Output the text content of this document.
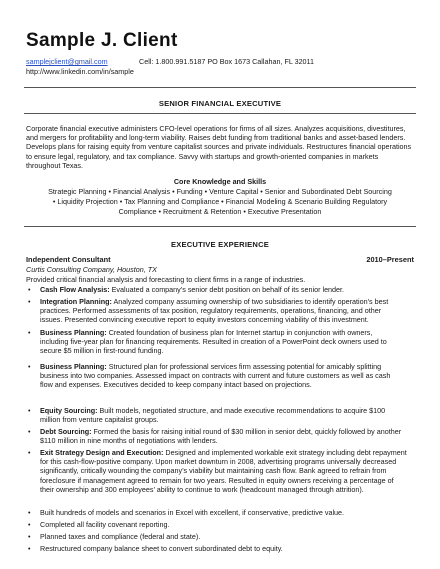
Sample J. Client
samplejclient@gmail.com	Cell: 1.800.991.5187 PO Box 1673 Callahan, FL 32011
http://www.linkedin.com/in/sample
SENIOR FINANCIAL EXECUTIVE
Corporate financial executive administers CFO-level operations for firms of all sizes. Analyzes acquisitions, divestitures,
and mergers for profitability and long-term viability. Raises debt funding from traditional banks and asset-based lenders.
Develops plans for raising equity from venture capitalist sources and private individuals. Restructures financial operations
to ensure legal, regulatory, and tax compliance. Savvy with startups and growth-oriented companies in markets
throughout Texas.
Core Knowledge and Skills
Strategic Planning • Financial Analysis • Funding • Venture Capital • Senior and Subordinated Debt Sourcing
• Liquidity Projection • Tax Planning and Compliance • Financial Modeling & Scenario Building Regulatory
Compliance • Recruitment & Retention • Executive Presentation
EXECUTIVE EXPERIENCE
Independent Consultant	2010–Present
Curtis Consulting Company, Houston, TX
Provided critical financial analysis and forecasting to client firms in a range of industries.
• Cash Flow Analysis: Evaluated a company’s senior debt position on behalf of its senior lender.
• Integration Planning: Analyzed company assuming ownership of two subsidiaries to identify operation’s best
practices. Performed assessments of tax position, regulatory requirements, operations, financing, and other
issues. Presented convincing executive report to equity investors concerning viability of this investment.
• Business Planning: Created foundation of business plan for Internet startup in conjunction with owners,
including five-year plan for financing requirements. Resulted in creation of a PowerPoint deck owners used to
secure $5 million in first-round funding.
• Business Planning: Structured plan for professional services firm assessing potential for amicably splitting
business into two companies. Assessed impact on contracts with current and future customers as well as cash
flow and expenses. Executives decided to keep company intact based on projections.
• Equity Sourcing: Built models, negotiated structure, and made executive recommendations to acquire $100
million from venture capitalist groups.
• Debt Sourcing: Formed the basis for raising initial round of $30 million in senior debt, quickly followed by another
$110 million in nine months of negotiations with lenders.
• Exit Strategy Design and Execution: Designed and implemented workable exit strategy including debt repayment
for this cash-flow-positive company. Upon market downturn in 2008, advertising programs universally decreased
significantly, critically wounding the company’s viability but maintaining cash flow. Bank agreed to refrain from
foreclosure if management agreed to remain for two years. Resulted in equity owners receiving a percentage of
their ownership and 300 employees’ ability to continue to work (headcount managed through attrition).
• Built hundreds of models and scenarios in Excel with excellent, if conservative, predictive value.
• Completed all facility covenant reporting.
• Planned taxes and compliance (federal and state).
• Restructured company balance sheet to convert subordinated debt to equity.
